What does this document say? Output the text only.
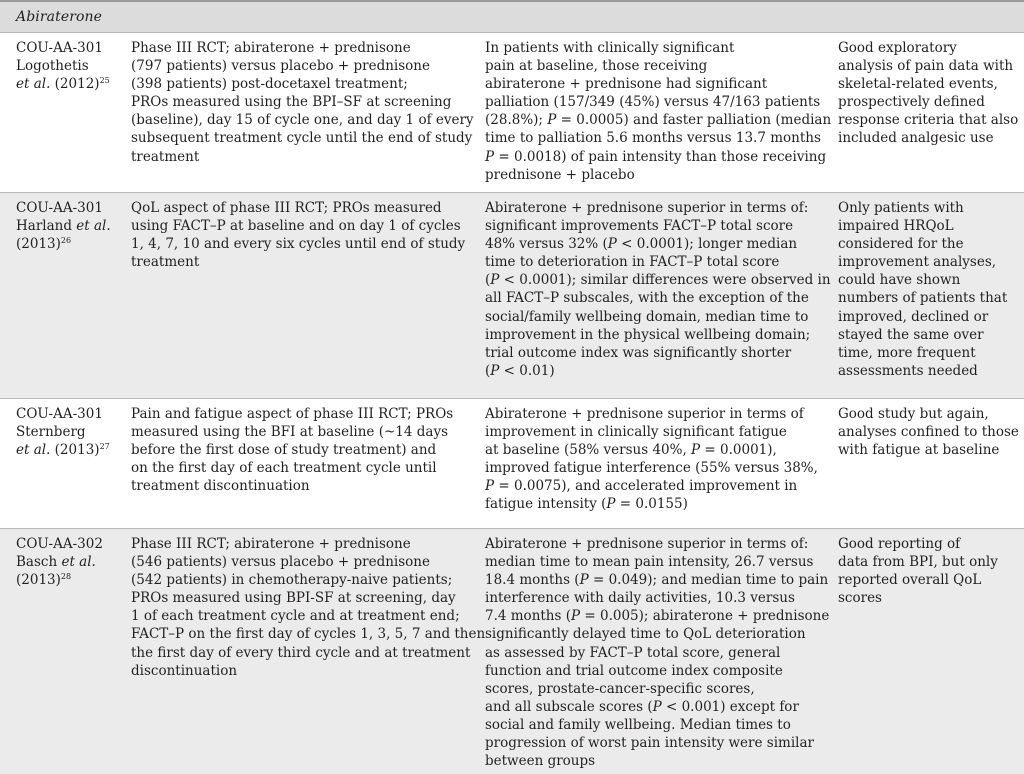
Abiraterone
COU-AA-301
Logothetis
et al. $(2012)^{25}$
Phase III RCT; abiraterone + prednisone
(797 patients) versus placebo + prednisone
(398 patients) post-docetaxel treatment;
PROs measured using the BPI–SF at screening
(baseline), day 15 of cycle one, and day 1 of every
subsequent treatment cycle until the end of study
treatment
In patients with clinically significant
pain at baseline, those receiving
abiraterone + prednisone had significant
palliation (157/349 (45%) versus 47/163 patients
(28.8%); P = 0.0005) and faster palliation (median
time to palliation 5.6 months versus 13.7 months
P = 0.0018) of pain intensity than those receiving
prednisone + placebo
Good exploratory
analysis of pain data with
skeletal-related events,
prospectively defined
response criteria that also
included analgesic use
COU-AA-301
Harland et al.
$(2013)^{26}$
QoL aspect of phase III RCT; PROs measured
using FACT–P at baseline and on day 1 of cycles
1, 4, 7, 10 and every six cycles until end of study
treatment
Abiraterone + prednisone superior in terms of:
significant improvements FACT–P total score
48% versus 32% (P < 0.0001); longer median
time to deterioration in FACT–P total score
(P < 0.0001); similar differences were observed in
all FACT–P subscales, with the exception of the
social/family wellbeing domain, median time to
improvement in the physical wellbeing domain;
trial outcome index was significantly shorter
(P < 0.01)
Only patients with
impaired HRQoL
considered for the
improvement analyses,
could have shown
numbers of patients that
improved, declined or
stayed the same over
time, more frequent
assessments needed
COU-AA-301
Sternberg
et al. $(2013)^{27}$
Pain and fatigue aspect of phase III RCT; PROs
measured using the BFI at baseline (~14 days
before the first dose of study treatment) and
on the first day of each treatment cycle until
treatment discontinuation
Abiraterone + prednisone superior in terms of
improvement in clinically significant fatigue
at baseline (58% versus 40%, P = 0.0001),
improved fatigue interference (55% versus 38%,
P = 0.0075), and accelerated improvement in
fatigue intensity (P = 0.0155)
Good study but again,
analyses confined to those
with fatigue at baseline
COU-AA-302
Basch et al.
$(2013)^{28}$
Phase III RCT; abiraterone + prednisone
(546 patients) versus placebo + prednisone
(542 patients) in chemotherapy-naive patients;
PROs measured using BPI-SF at screening, day
1 of each treatment cycle and at treatment end;
FACT–P on the first day of cycles 1, 3, 5, 7 and then
the first day of every third cycle and at treatment
discontinuation
Abiraterone + prednisone superior in terms of:
median time to mean pain intensity, 26.7 versus
18.4 months (P = 0.049); and median time to pain
interference with daily activities, 10.3 versus
7.4 months (P = 0.005); abiraterone + prednisone
significantly delayed time to QoL deterioration
as assessed by FACT–P total score, general
function and trial outcome index composite
scores, prostate-cancer-specific scores,
and all subscale scores (P < 0.001) except for
social and family wellbeing. Median times to
progression of worst pain intensity were similar
between groups
Good reporting of
data from BPI, but only
reported overall QoL
scores
